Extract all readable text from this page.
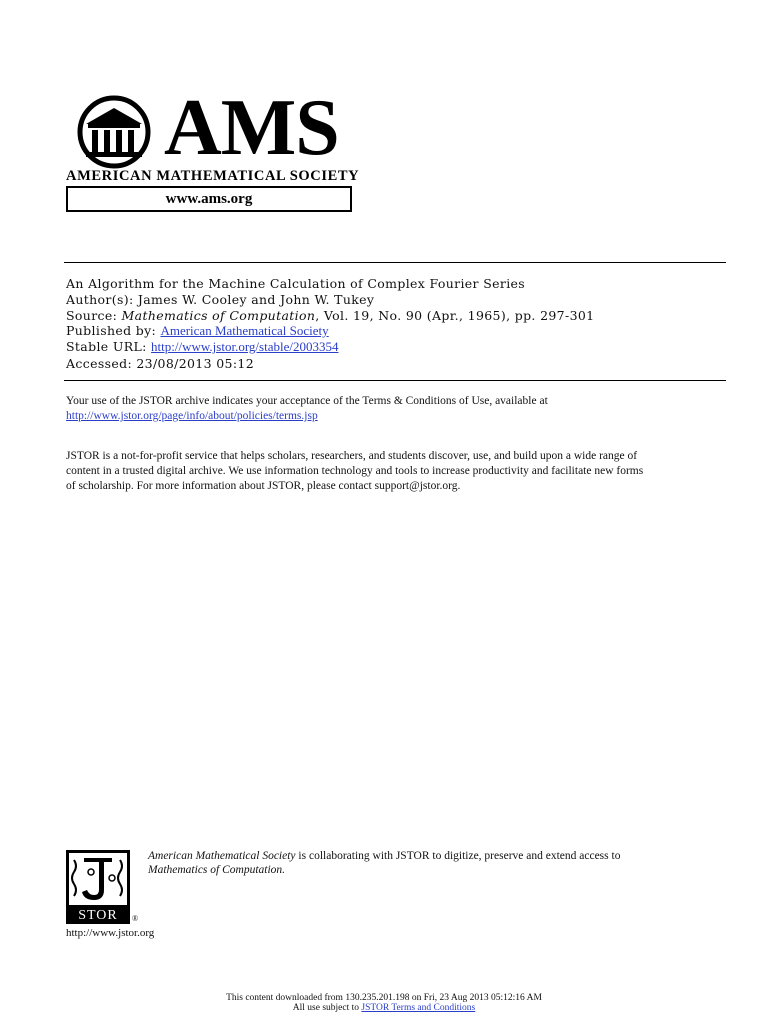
AMS
AMERICAN MATHEMATICAL SOCIETY
www.ams.org
An Algorithm for the Machine Calculation of Complex Fourier Series
Author(s): James W. Cooley and John W. Tukey
Source: Mathematics of Computation, Vol. 19, No. 90 (Apr., 1965), pp. 297-301
Published by: American Mathematical Society
Stable URL: http://www.jstor.org/stable/2003354
Accessed: 23/08/2013 05:12
Your use of the JSTOR archive indicates your acceptance of the Terms & Conditions of Use, available at
http://www.jstor.org/page/info/about/policies/terms.jsp
JSTOR is a not-for-profit service that helps scholars, researchers, and students discover, use, and build upon a wide range of
content in a trusted digital archive. We use information technology and tools to increase productivity and facilitate new forms
of scholarship. For more information about JSTOR, please contact support@jstor.org.
STOR	®
American Mathematical Society is collaborating with JSTOR to digitize, preserve and extend access to
Mathematics of Computation.
http://www.jstor.org
This content downloaded from 130.235.201.198 on Fri, 23 Aug 2013 05:12:16 AM
All use subject to JSTOR Terms and Conditions
